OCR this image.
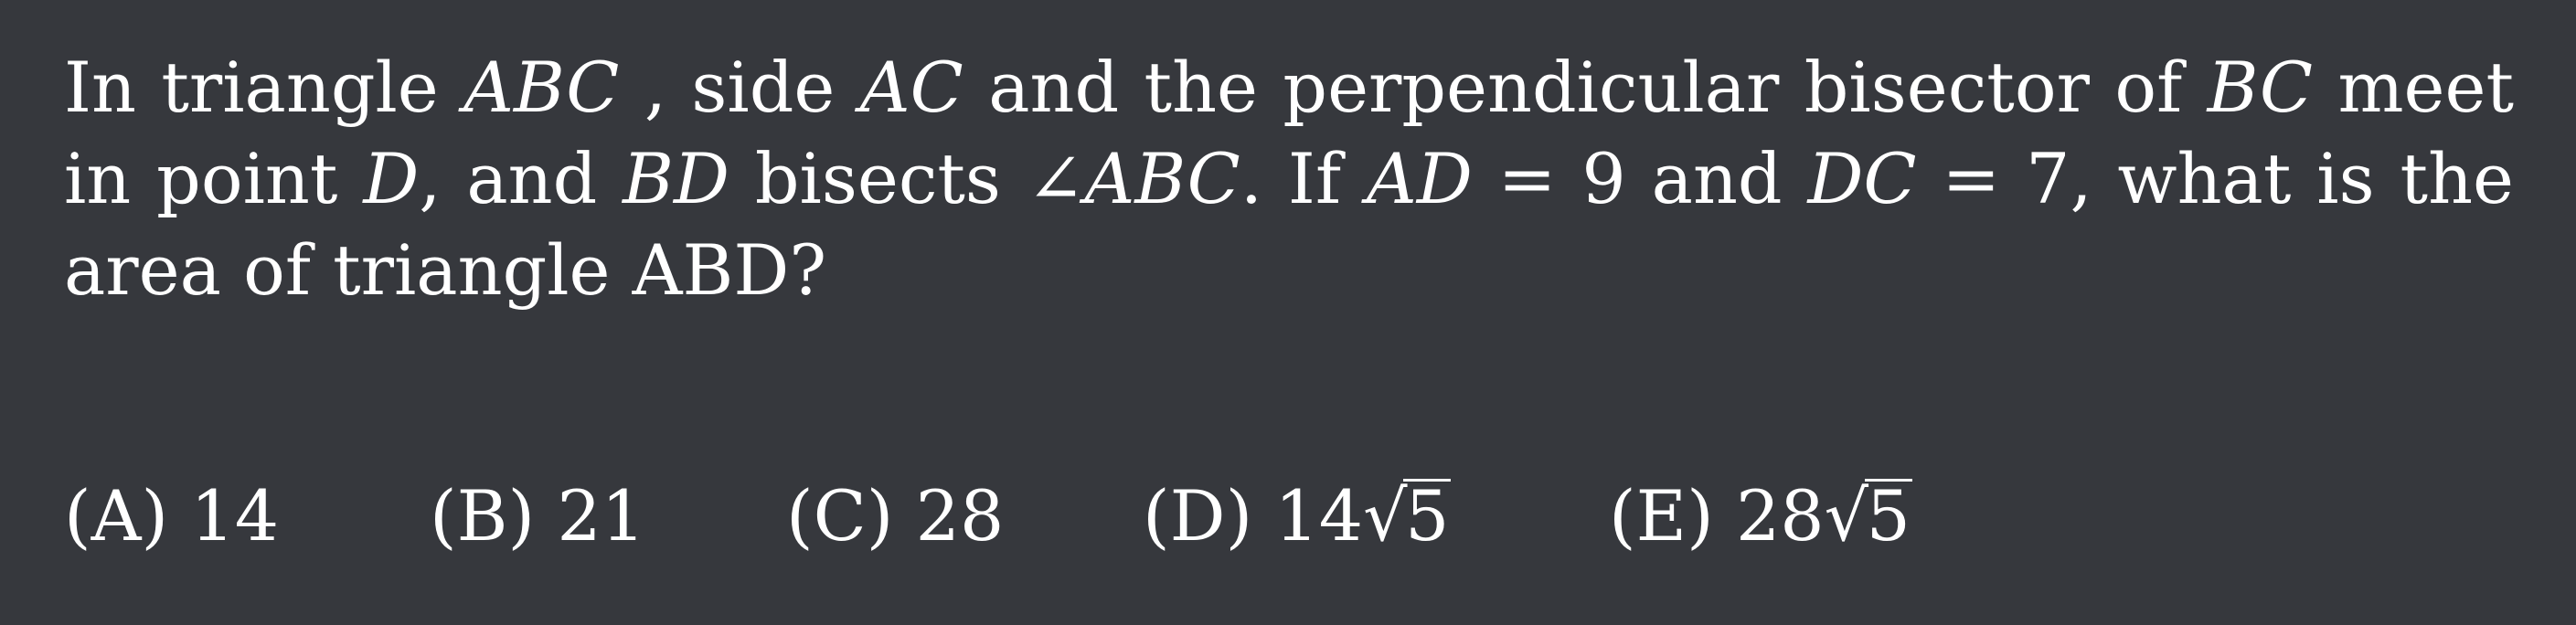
In triangle ABC , side AC and the perpendicular bisector of BC meet in point D, and BD bisects ∠ABC. If AD = 9 and DC = 7, what is the area of triangle ABD?
(A) 14 (B) 21 (C) 28 (D) 14 √
5 (E) 28 √
5
